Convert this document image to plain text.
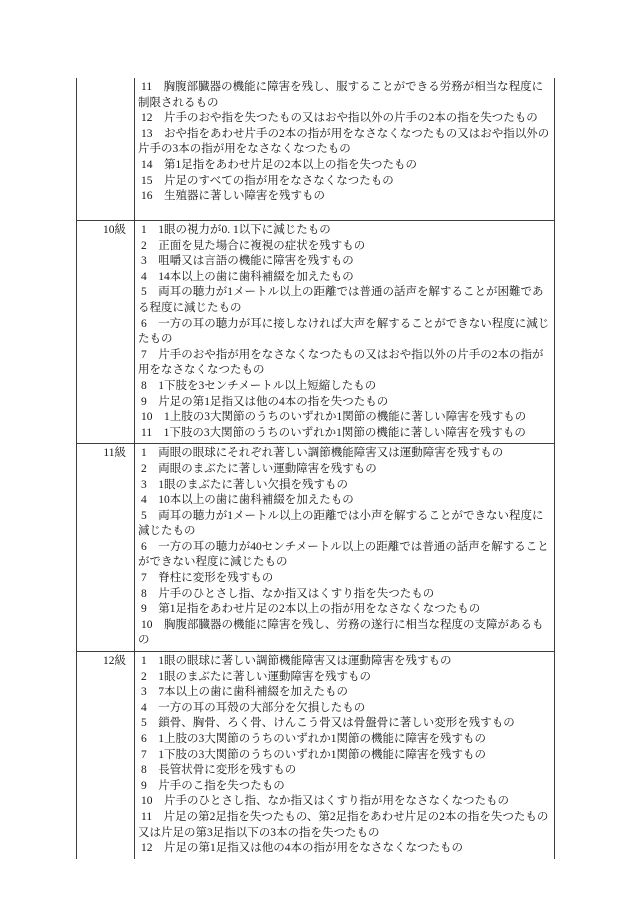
11　胸腹部臓器の機能に障害を残し、服することができる労務が相当な程度に制限されるもの
12　片手のおや指を失つたもの又はおや指以外の片手の2本の指を失つたもの
13　おや指をあわせ片手の2本の指が用をなさなくなつたもの又はおや指以外の片手の3本の指が用をなさなくなつたもの
14　第1足指をあわせ片足の2本以上の指を失つたもの
15　片足のすべての指が用をなさなくなつたもの
16　生殖器に著しい障害を残すもの
10級	1　1眼の視力が0. 1以下に減じたもの
2　正面を見た場合に複視の症状を残すもの
3　咀嚼又は言語の機能に障害を残すもの
4　14本以上の歯に歯科補綴を加えたもの
5　両耳の聴力が1メートル以上の距離では普通の話声を解することが困難である程度に減じたもの
6　一方の耳の聴力が耳に接しなければ大声を解することができない程度に減じたもの
7　片手のおや指が用をなさなくなつたもの又はおや指以外の片手の2本の指が用をなさなくなつたもの
8　1下肢を3センチメートル以上短縮したもの
9　片足の第1足指又は他の4本の指を失つたもの
10　1上肢の3大関節のうちのいずれか1関節の機能に著しい障害を残すもの
11　1下肢の3大関節のうちのいずれか1関節の機能に著しい障害を残すもの
11級	1　両眼の眼球にそれぞれ著しい調節機能障害又は運動障害を残すもの
2　両眼のまぶたに著しい運動障害を残すもの
3　1眼のまぶたに著しい欠損を残すもの
4　10本以上の歯に歯科補綴を加えたもの
5　両耳の聴力が1メートル以上の距離では小声を解することができない程度に減じたもの
6　一方の耳の聴力が40センチメートル以上の距離では普通の話声を解することができない程度に減じたもの
7　脊柱に変形を残すもの
8　片手のひとさし指、なか指又はくすり指を失つたもの
9　第1足指をあわせ片足の2本以上の指が用をなさなくなつたもの
10　胸腹部臓器の機能に障害を残し、労務の遂行に相当な程度の支障があるもの
12級	1　1眼の眼球に著しい調節機能障害又は運動障害を残すもの
2　1眼のまぶたに著しい運動障害を残すもの
3　7本以上の歯に歯科補綴を加えたもの
4　一方の耳の耳殻の大部分を欠損したもの
5　鎖骨、胸骨、ろく骨、けんこう骨又は骨盤骨に著しい変形を残すもの
6　1上肢の3大関節のうちのいずれか1関節の機能に障害を残すもの
7　1下肢の3大関節のうちのいずれか1関節の機能に障害を残すもの
8　長管状骨に変形を残すもの
9　片手のこ指を失つたもの
10　片手のひとさし指、なか指又はくすり指が用をなさなくなつたもの
11　片足の第2足指を失つたもの、第2足指をあわせ片足の2本の指を失つたもの又は片足の第3足指以下の3本の指を失つたもの
12　片足の第1足指又は他の4本の指が用をなさなくなつたもの
